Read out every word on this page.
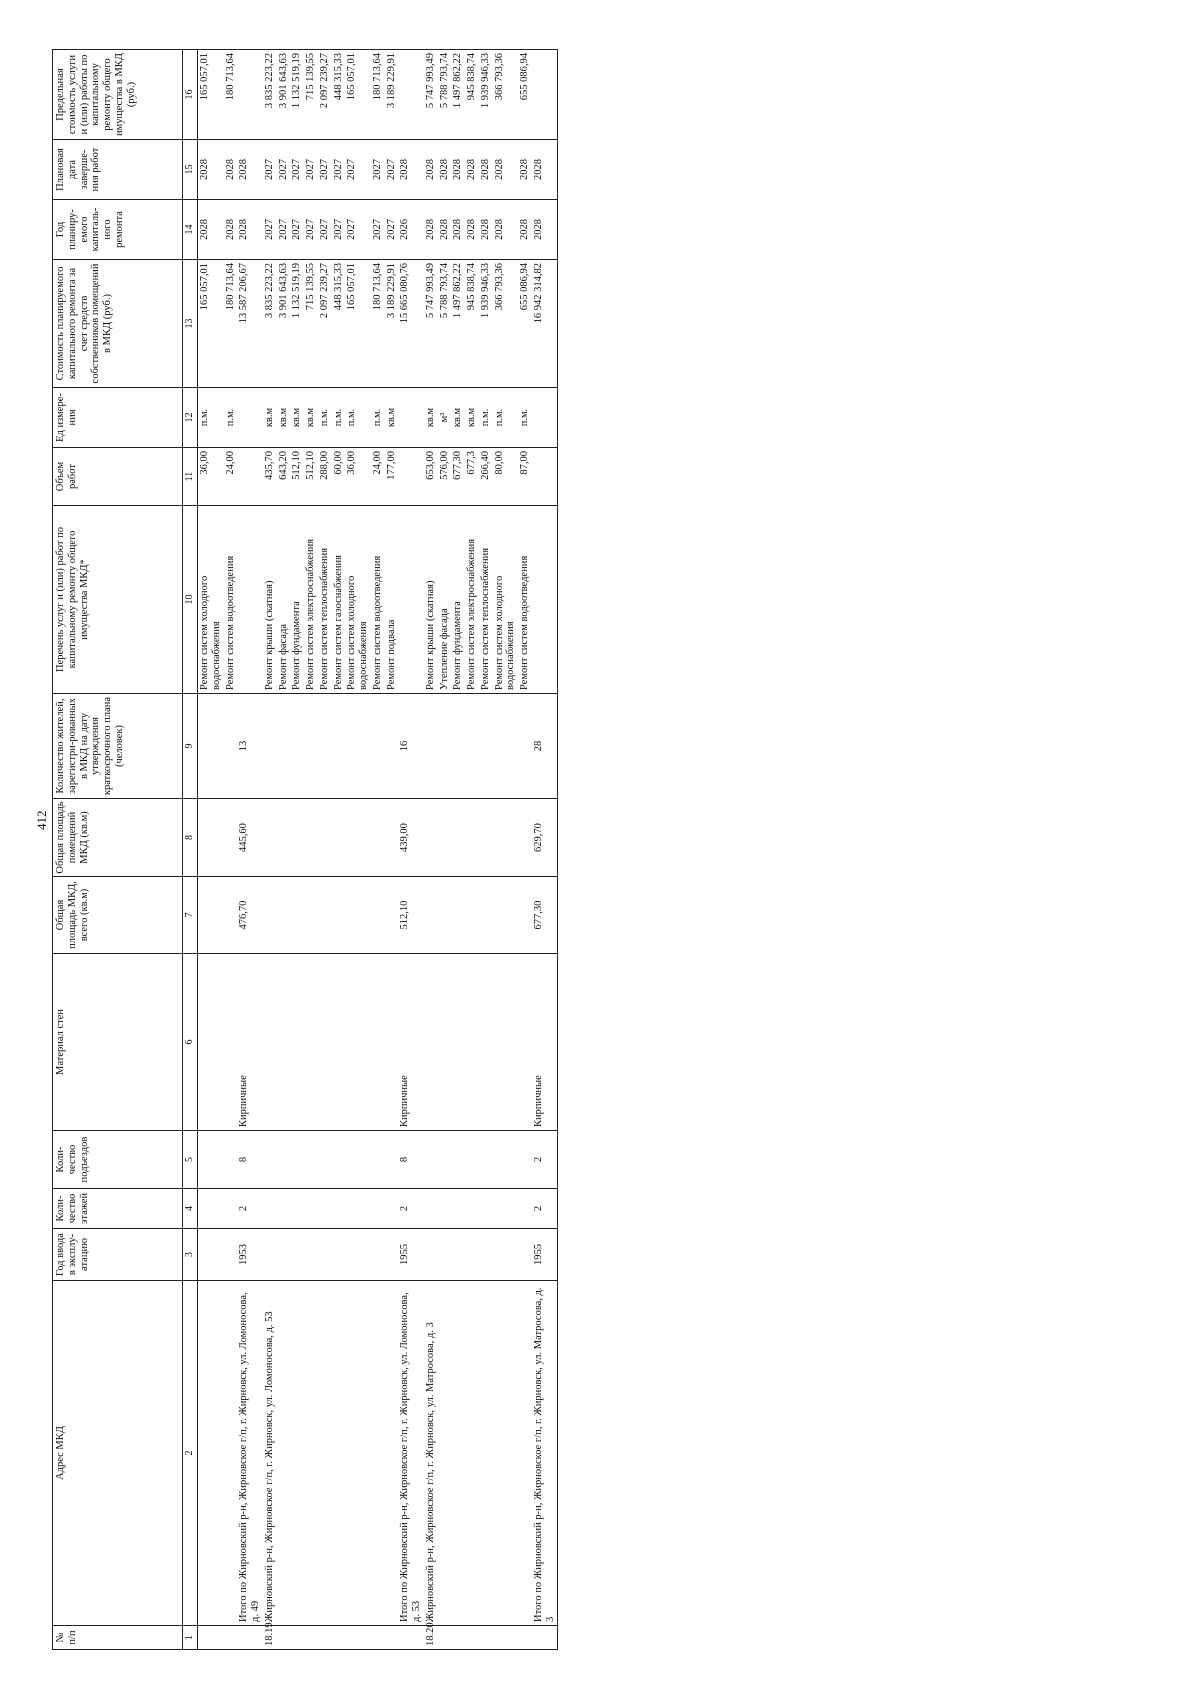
412
№ п/п	Адрес МКД	Год ввода в эксплу-атацию	Коли-чество этажей	Коли-чество подъездов	Материал стен	Общая площадь МКД, всего (кв.м)	Общая площадь помещений МКД (кв.м)	Количество жителей, зарегистри-рованных в МКД на дату утверждения краткосрочного плана (человек)	Перечень услуг и (или) работ по капитальному ремонту общего имущества МКД*	Объем работ	Ед измере-ния	Стоимость планируемого капитального ремонта за счет средств собственников помещений в МКД (руб.)	Год планиру-емого капиталь-ного ремонта	Плановая дата заверше-ния работ	Предельная стоимость услуги и (или) работы по капитальному ремонту общего имущества в МКД (руб.)
1	2	3	4	5	6	7	8	9	10	11	12	13	14	15	16
									Ремонт систем холодного водоснабжения	36,00	п.м.	165 057,01	2028	2028	165 057,01
									Ремонт систем водоотведения	24,00	п.м.	180 713,64	2028	2028	180 713,64
	Итого по Жирновский р-н, Жирновское г/п, г. Жирновск, ул. Ломоносова, д. 49	1953	2	8	Кирпичные	476,70	445,60	13				13 587 206,67	2028	2028	
18.19.	Жирновский р-н, Жирновское г/п, г. Жирновск, ул. Ломоносова, д. 53								Ремонт крыши (скатная)	435,70	кв.м	3 835 223,22	2027	2027	3 835 223,22
									Ремонт фасада	643,20	кв.м	3 901 643,63	2027	2027	3 901 643,63
									Ремонт фундамента	512,10	кв.м	1 132 519,19	2027	2027	1 132 519,19
									Ремонт систем электроснабжения	512,10	кв.м	715 139,55	2027	2027	715 139,55
									Ремонт систем теплоснабжения	288,00	п.м.	2 097 239,27	2027	2027	2 097 239,27
									Ремонт систем газоснабжения	60,00	п.м.	448 315,33	2027	2027	448 315,33
									Ремонт систем холодного водоснабжения	36,00	п.м.	165 057,01	2027	2027	165 057,01
									Ремонт систем водоотведения	24,00	п.м.	180 713,64	2027	2027	180 713,64
									Ремонт подвала	177,00	кв.м	3 189 229,91	2027	2027	3 189 229,91
	Итого по Жирновский р-н, Жирновское г/п, г. Жирновск, ул. Ломоносова, д. 53	1955	2	8	Кирпичные	512,10	439,00	16				15 665 080,76	2026	2028	
18.20.	Жирновский р-н, Жирновское г/п, г. Жирновск, ул. Матросова, д. 3								Ремонт крыши (скатная)	653,00	кв.м	5 747 993,49	2028	2028	5 747 993,49
									Утепление фасада	576,00	м²	5 788 793,74	2028	2028	5 788 793,74
									Ремонт фундамента	677,30	кв.м	1 497 862,22	2028	2028	1 497 862,22
									Ремонт систем электроснабжения	677,3	кв.м	945 838,74	2028	2028	945 838,74
									Ремонт систем теплоснабжения	266,40	п.м.	1 939 946,33	2028	2028	1 939 946,33
									Ремонт систем холодного водоснабжения	80,00	п.м.	366 793,36	2028	2028	366 793,36
									Ремонт систем водоотведения	87,00	п.м.	655 086,94	2028	2028	655 086,94
	Итого по Жирновский р-н, Жирновское г/п, г. Жирновск, ул. Матросова, д. 3	1955	2	2	Кирпичные	677,30	629,70	28				16 942 314,82	2028	2028	
